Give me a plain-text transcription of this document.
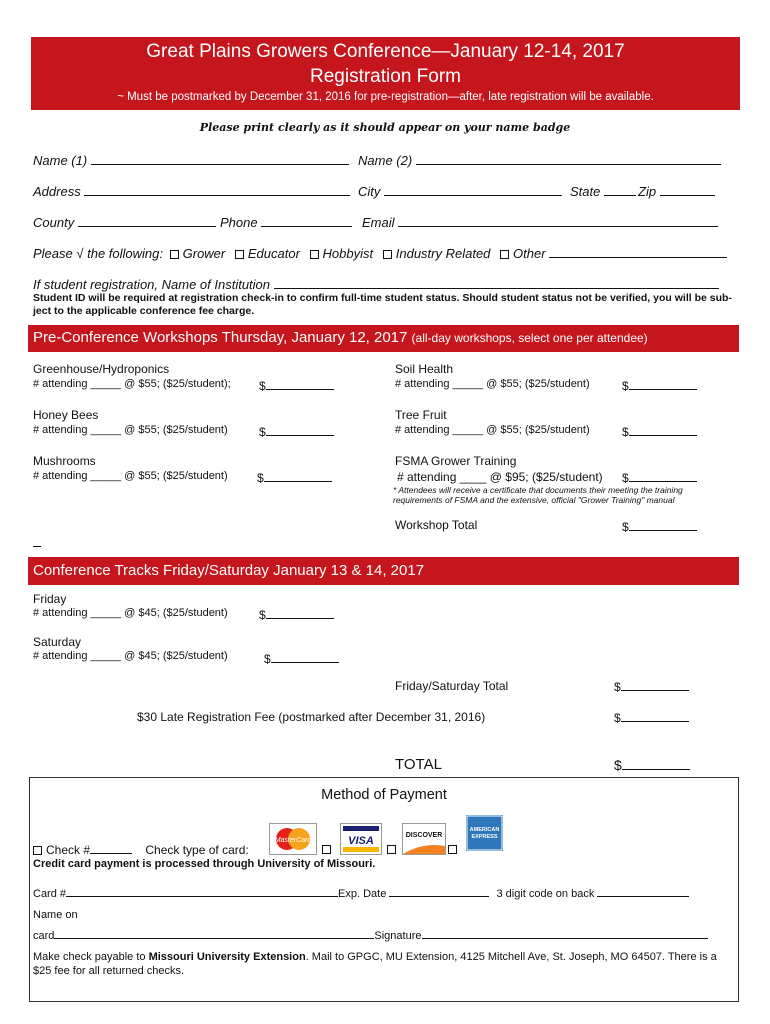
Great Plains Growers Conference—January 12-14, 2017
Registration Form
~ Must be postmarked by December 31, 2016 for pre-registration—after, late registration will be available.
Please print clearly as it should appear on your name badge
Name (1)	Name (2)
Address	City	State	Zip
County	Phone	Email
Please √ the following: Grower Educator Hobbyist Industry Related Other
If student registration, Name of Institution
Student ID will be required at registration check-in to confirm full-time student status. Should student status not be verified, you will be sub-
ject to the applicable conference fee charge.
Pre-Conference Workshops Thursday, January 12, 2017 (all-day workshops, select one per attendee)
Greenhouse/Hydroponics
# attending _____ @ $55; ($25/student); $
Honey Bees
# attending _____ @ $55; ($25/student)	$
Mushrooms
# attending _____ @ $55; ($25/student) $
Soil Health
# attending _____ @ $55; ($25/student)	$
Tree Fruit
# attending _____ @ $55; ($25/student)	$
FSMA Grower Training
# attending ____ @ $95; ($25/student) $
* Attendees will receive a certificate that documents their meeting the training
requirements of FSMA and the extensive, official "Grower Training" manual
Workshop Total	$
Conference Tracks Friday/Saturday January 13 & 14, 2017
Friday
# attending _____ @ $45; ($25/student)	$
Saturday
# attending _____ @ $45; ($25/student)	$
Friday/Saturday Total	$
$30 Late Registration Fee (postmarked after December 31, 2016)	$
TOTAL	$
Method of Payment
Check #	Check type of card:
MasterCard	VISA	DISCOVER
AMERICAN
EXPRESS
Credit card payment is processed through University of Missouri.
Card #	Exp. Date	3 digit code on back
Name on
card	Signature
Make check payable to Missouri University Extension. Mail to GPGC, MU Extension, 4125 Mitchell Ave, St. Joseph, MO 64507. There is a
$25 fee for all returned checks.
